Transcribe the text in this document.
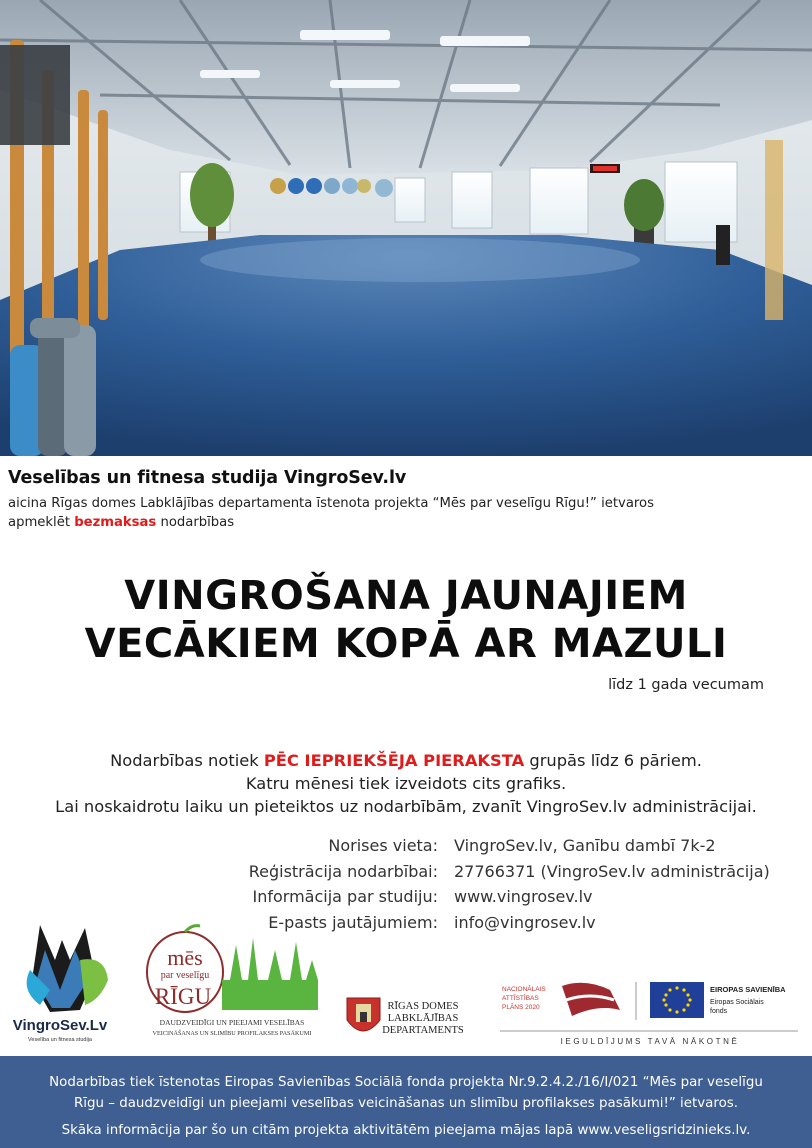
Veselības un fitnesa studija VingroSev.lv

aicina Rīgas domes Labklājības departamenta īstenota projekta “Mēs par veselīgu Rīgu!” ietvaros
apmeklēt bezmaksas nodarbības

VINGROŠANA JAUNAJIEM
VECĀKIEM KOPĀ AR MAZULI
līdz 1 gada vecumam
Nodarbības notiek PĒC IEPRIEKŠĒJA PIERAKSTA grupās līdz 6 pāriem.
Katru mēnesi tiek izveidots cits grafiks.
Lai noskaidrotu laiku un pieteiktos uz nodarbībām, zvanīt VingroSev.lv administrācijai.
Norises vieta: VingroSev.lv, Ganību dambī 7k-2
Reģistrācija nodarbībai: 27766371 (VingroSev.lv administrācija)
Informācija par studiju: www.vingrosev.lv
E-pasts jautājumiem: info@vingrosev.lv
VingroSev.Lv
Veselība un fitnesa studija
mēs
par veselīgu
RĪGU
DAUDZVEIDĪGI UN PIEEJAMI VESELĪBAS
VEICINĀŠANAS UN SLIMĪBU PROFILAKSES PASĀKUMI
RĪGAS DOMES
LABKLĀJĪBAS
DEPARTAMENTS
NACIONĀLAIS
ATTĪSTĪBAS
PLĀNS 2020
EIROPAS SAVIENĪBA
Eiropas Sociālais
fonds
IEGULDĪJUMS TAVĀ NĀKOTNĒ

Nodarbības tiek īstenotas Eiropas Savienības Sociālā fonda projekta Nr.9.2.4.2./16/I/021 “Mēs par veselīgu

Rīgu – daudzveidīgi un pieejami veselības veicināšanas un slimību profilakses pasākumi!” ietvaros.

Skāka informācija par šo un citām projekta aktivitātēm pieejama mājas lapā www.veseligsridzinieks.lv.
